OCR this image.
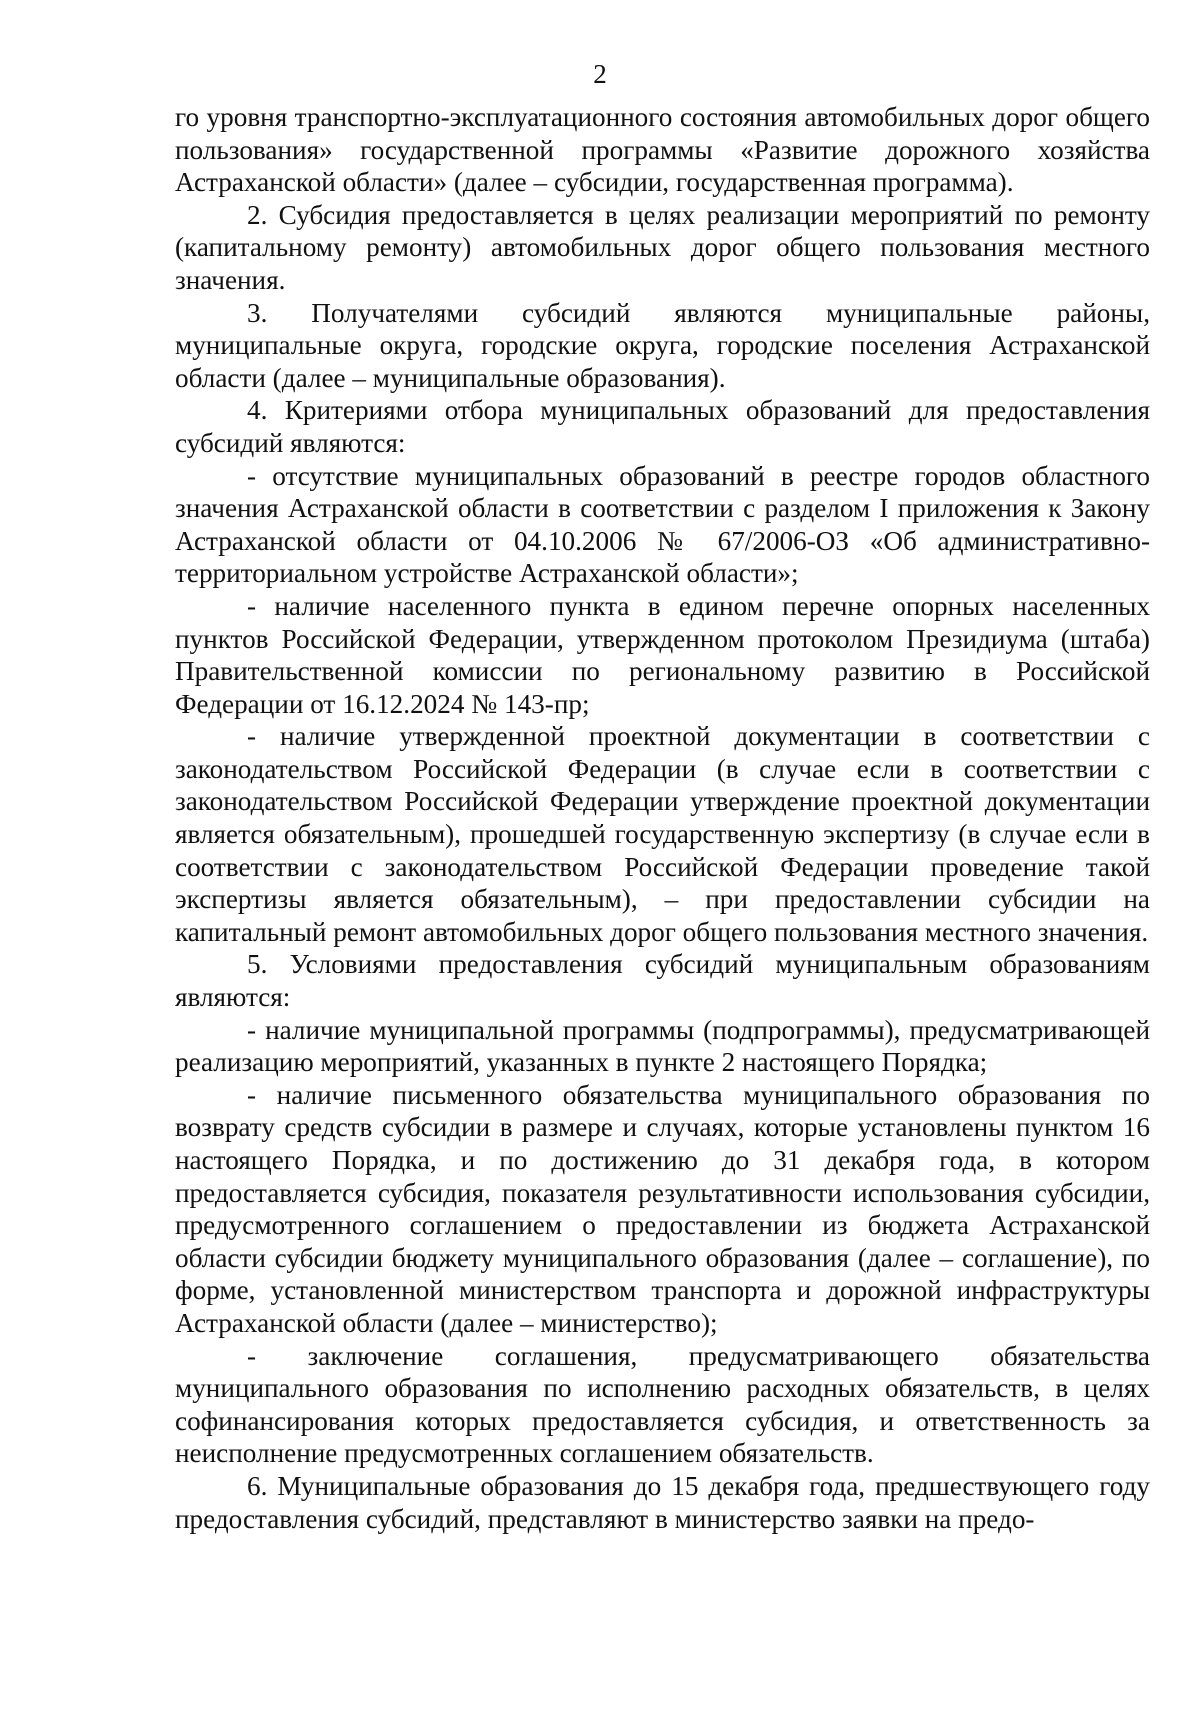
2

го уровня транспортно-эксплуатационного состояния автомобильных дорог общего пользования» государственной программы «Развитие дорожного хозяйства Астраханской области» (далее – субсидии, государственная программа).

2. Субсидия предоставляется в целях реализации мероприятий по ремонту (капитальному ремонту) автомобильных дорог общего пользования местного значения.

3. Получателями субсидий являются муниципальные районы, муниципальные округа, городские округа, городские поселения Астраханской области (далее – муниципальные образования).

4. Критериями отбора муниципальных образований для предоставления субсидий являются:

- отсутствие муниципальных образований в реестре городов областного значения Астраханской области в соответствии с разделом I приложения к Закону Астраханской области от 04.10.2006 № 67/2006-ОЗ «Об административно-территориальном устройстве Астраханской области»;

- наличие населенного пункта в едином перечне опорных населенных пунктов Российской Федерации, утвержденном протоколом Президиума (штаба) Правительственной комиссии по региональному развитию в Российской Федерации от 16.12.2024 № 143-пр;

- наличие утвержденной проектной документации в соответствии с законодательством Российской Федерации (в случае если в соответствии с законодательством Российской Федерации утверждение проектной документации является обязательным), прошедшей государственную экспертизу (в случае если в соответствии с законодательством Российской Федерации проведение такой экспертизы является обязательным), – при предоставлении субсидии на капитальный ремонт автомобильных дорог общего пользования местного значения.

5. Условиями предоставления субсидий муниципальным образованиям являются:

- наличие муниципальной программы (подпрограммы), предусматривающей реализацию мероприятий, указанных в пункте 2 настоящего Порядка;

- наличие письменного обязательства муниципального образования по возврату средств субсидии в размере и случаях, которые установлены пунктом 16 настоящего Порядка, и по достижению до 31 декабря года, в котором предоставляется субсидия, показателя результативности использования субсидии, предусмотренного соглашением о предоставлении из бюджета Астраханской области субсидии бюджету муниципального образования (далее – соглашение), по форме, установленной министерством транспорта и дорожной инфраструктуры Астраханской области (далее – министерство);

- заключение соглашения, предусматривающего обязательства муниципального образования по исполнению расходных обязательств, в целях софинансирования которых предоставляется субсидия, и ответственность за неисполнение предусмотренных соглашением обязательств.

6. Муниципальные образования до 15 декабря года, предшествующего году предоставления субсидий, представляют в министерство заявки на предо-
